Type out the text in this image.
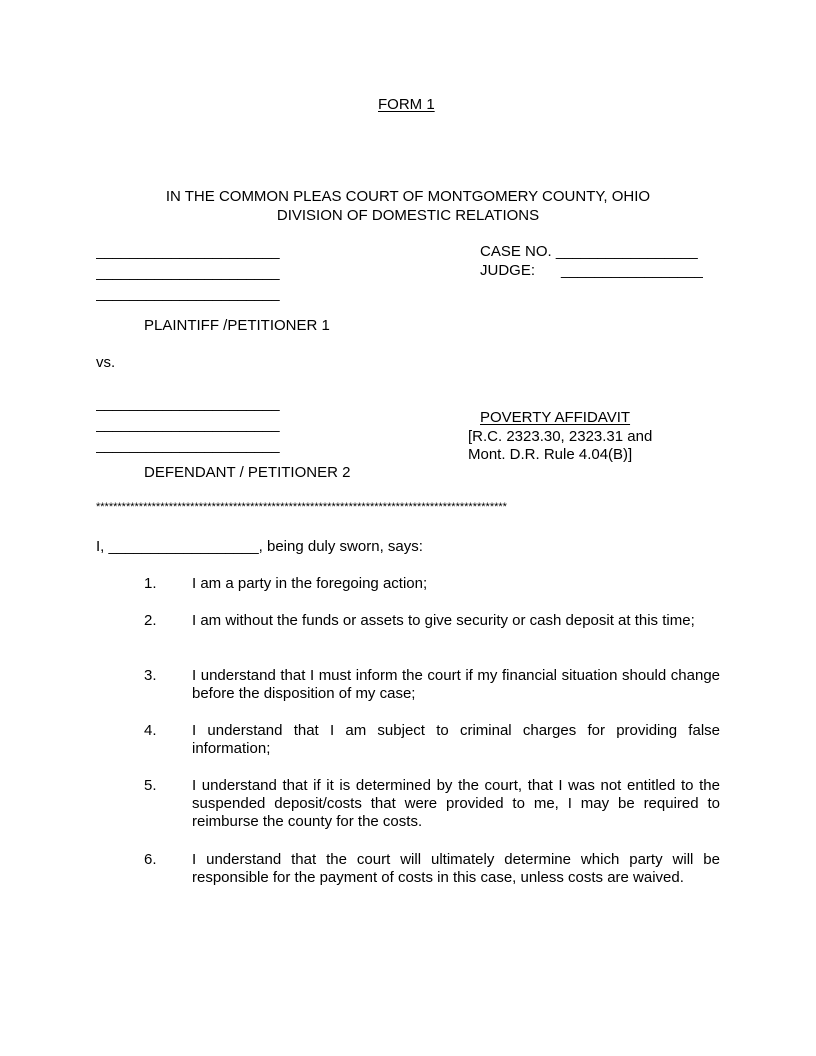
FORM 1
IN THE COMMON PLEAS COURT OF MONTGOMERY COUNTY, OHIO
DIVISION OF DOMESTIC RELATIONS
______________________
______________________
______________________
CASE NO. _________________
JUDGE: _________________
PLAINTIFF /PETITIONER 1
vs.
______________________
______________________
______________________
POVERTY AFFIDAVIT
[R.C. 2323.30, 2323.31 and
Mont. D.R. Rule 4.04(B)]
DEFENDANT / PETITIONER 2
************************************************************************************************
I, __________________, being duly sworn, says:
1.	I am a party in the foregoing action;
2.	I am without the funds or assets to give security or cash deposit at this time;
3.	I understand that I must inform the court if my financial situation should change before the disposition of my case;
4.	I understand that I am subject to criminal charges for providing false information;
5.	I understand that if it is determined by the court, that I was not entitled to the suspended deposit/costs that were provided to me, I may be required to reimburse the county for the costs.
6.	I understand that the court will ultimately determine which party will be responsible for the payment of costs in this case, unless costs are waived.
